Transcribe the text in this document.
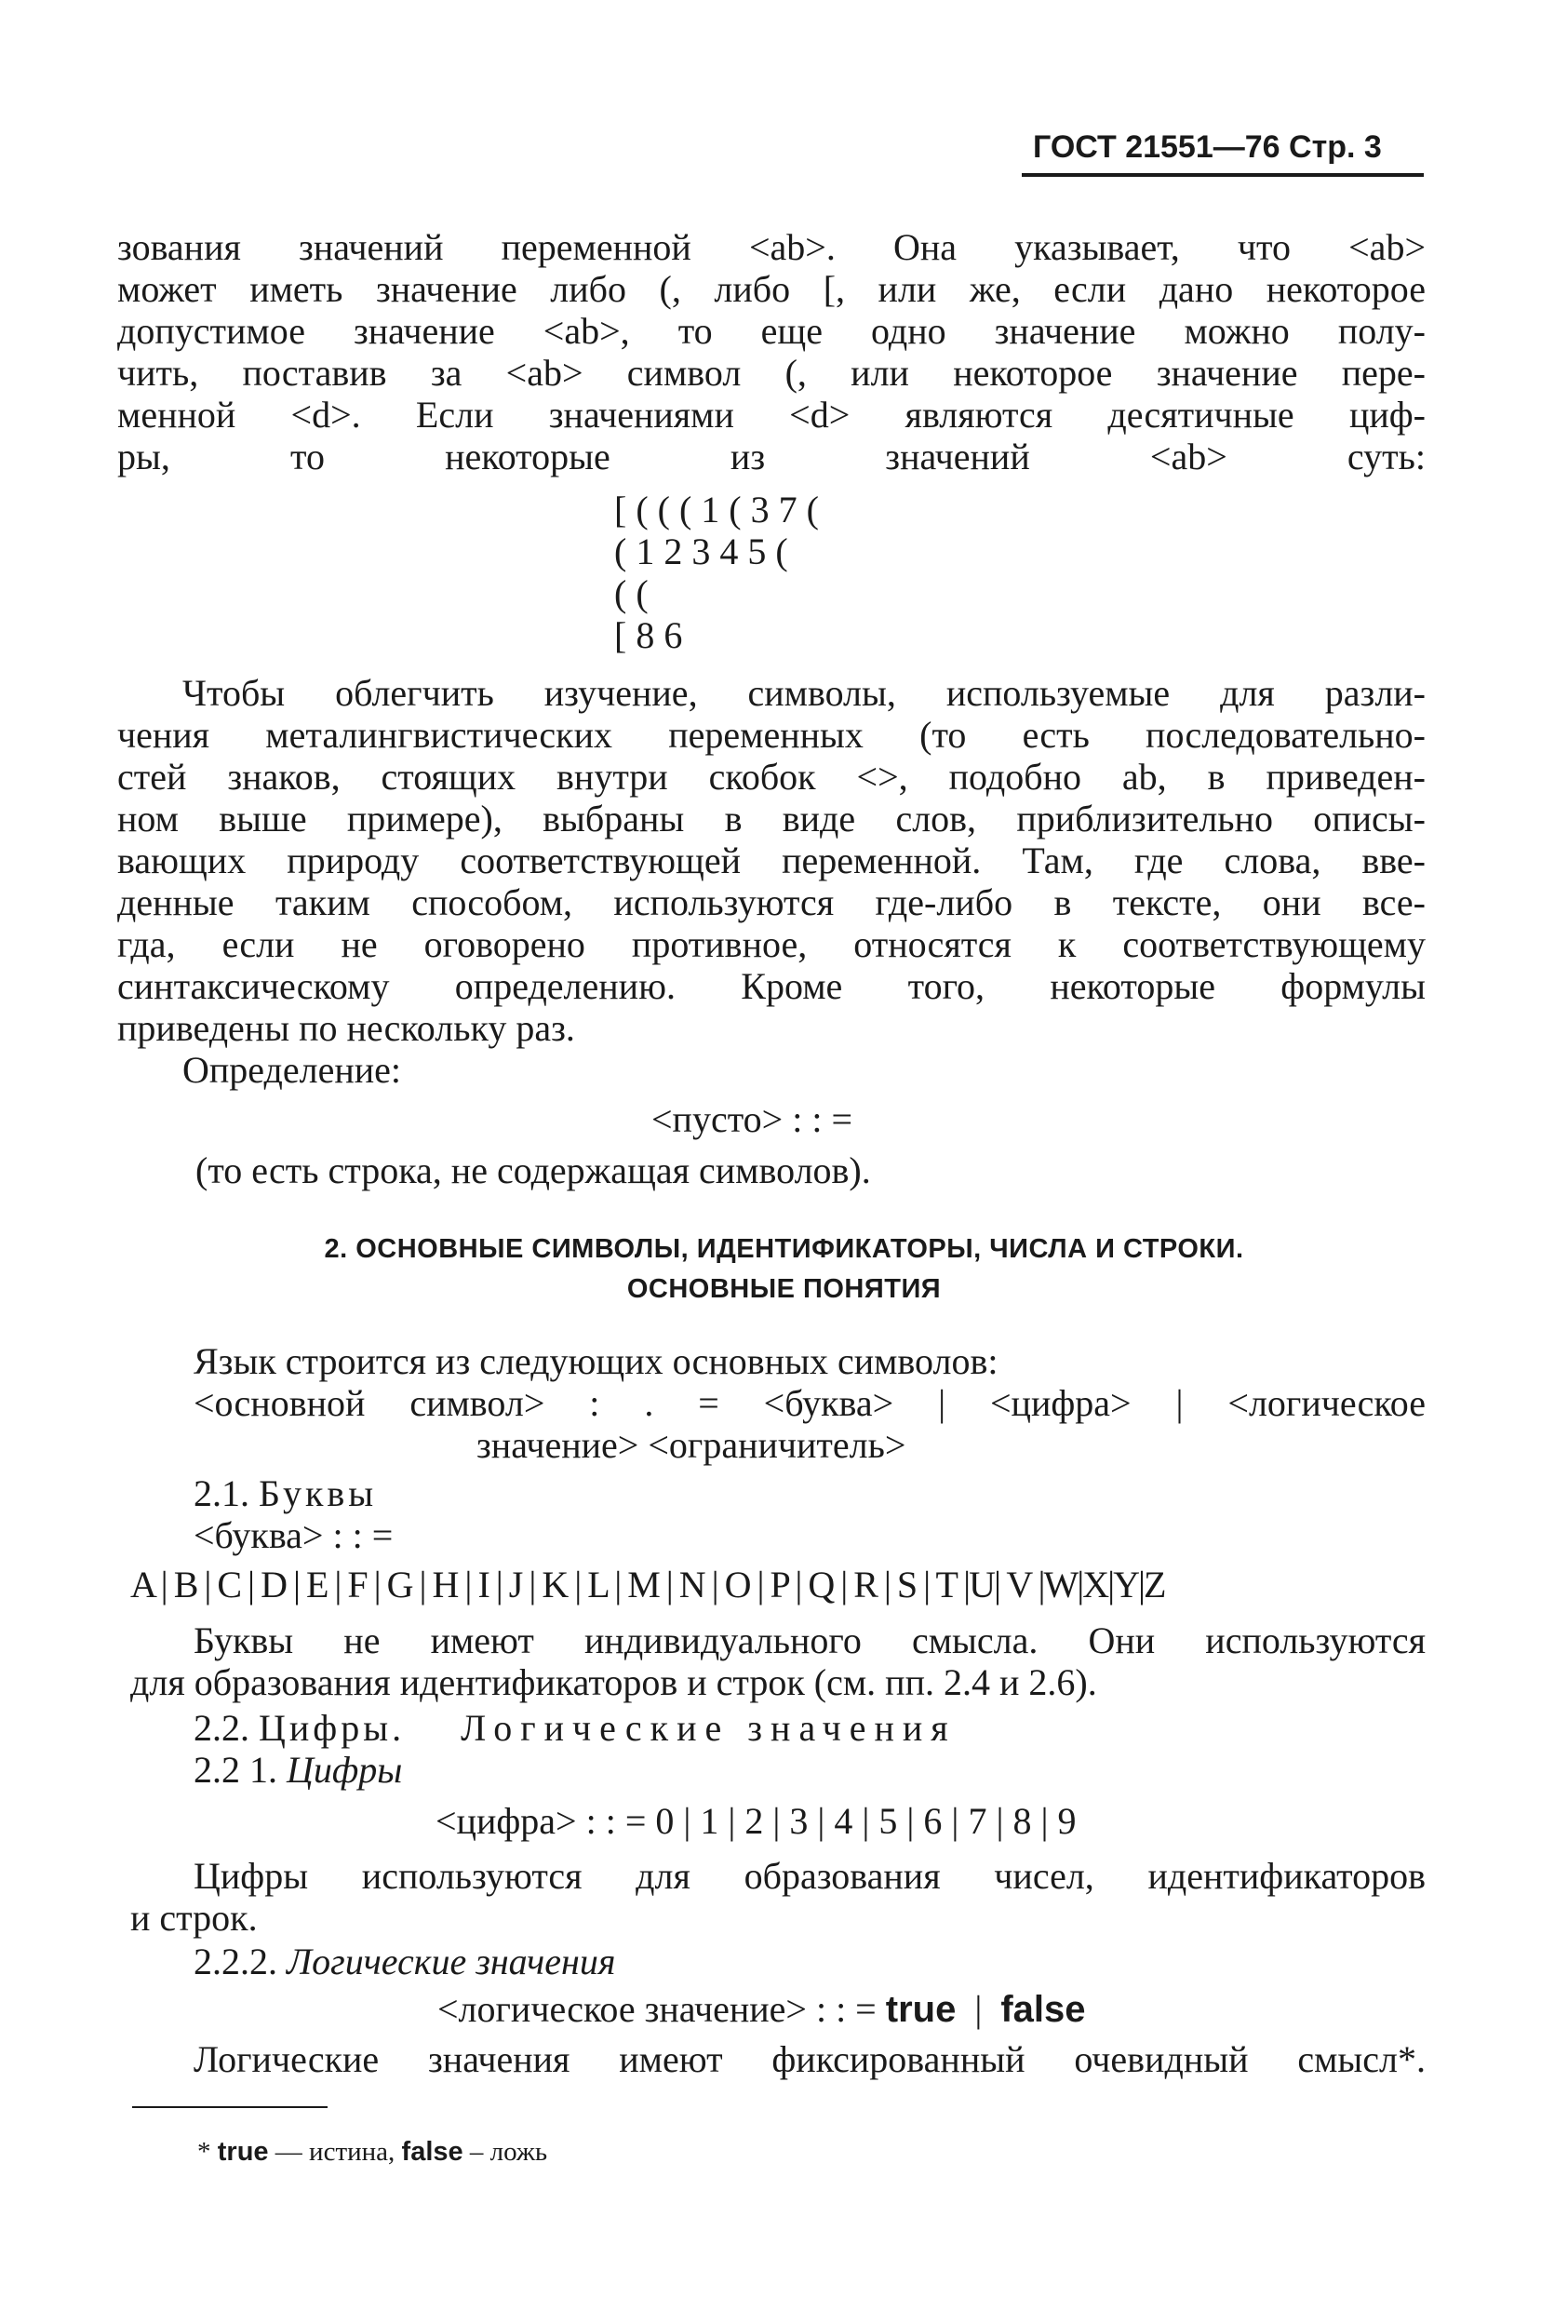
ГОСТ 21551—76 Стр. 3
зования значений переменной <ab>. Она указывает, что <ab>
может иметь значение либо (, либо [, или же, если дано некоторое
допустимое значение <ab>, то еще одно значение можно полу-
чить, поставив за <ab> символ (, или некоторое значение пере-
менной <d>. Если значениями <d> являются десятичные циф-
ры, то некоторые из значений <ab> суть:
[ ( ( ( 1 ( 3 7 (
( 1 2 3 4 5 (
( (
[ 8 6
Чтобы облегчить изучение, символы, используемые для разли-
чения металингвистических переменных (то есть последовательно-
стей знаков, стоящих внутри скобок <>, подобно ab, в приведен-
ном выше примере), выбраны в виде слов, приблизительно описы-
вающих природу соответствующей переменной. Там, где слова, вве-
денные таким способом, используются где-либо в тексте, они все-
гда, если не оговорено противное, относятся к соответствующему
синтаксическому определению. Кроме того, некоторые формулы
приведены по нескольку раз.
Определение:
<пусто> : : =
(то есть строка, не содержащая символов).
2. ОСНОВНЫЕ СИМВОЛЫ, ИДЕНТИФИКАТОРЫ, ЧИСЛА И СТРОКИ.
ОСНОВНЫЕ ПОНЯТИЯ
Язык строится из следующих основных символов:
<основной символ> : . = <буква> | <цифра> | <логическое
значение> <ограничитель>
2.1. Буквы
<буква> : : =
A | B | C | D | E | F | G | H | I | J | K | L | M | N | O | P | Q | R | S | T |U| V |W|X|Y|Z
Буквы не имеют индивидуального смысла. Они используются
для образования идентификаторов и строк (см. пп. 2.4 и 2.6).
2.2. Цифры. Логические значения
2.2 1. Цифры
<цифра> : : = 0 | 1 | 2 | 3 | 4 | 5 | 6 | 7 | 8 | 9
Цифры используются для образования чисел, идентификаторов
и строк.
2.2.2. Логические значения
<логическое значение> : : = true | false
Логические значения имеют фиксированный очевидный смысл*.
* true — истина, false – ложь
